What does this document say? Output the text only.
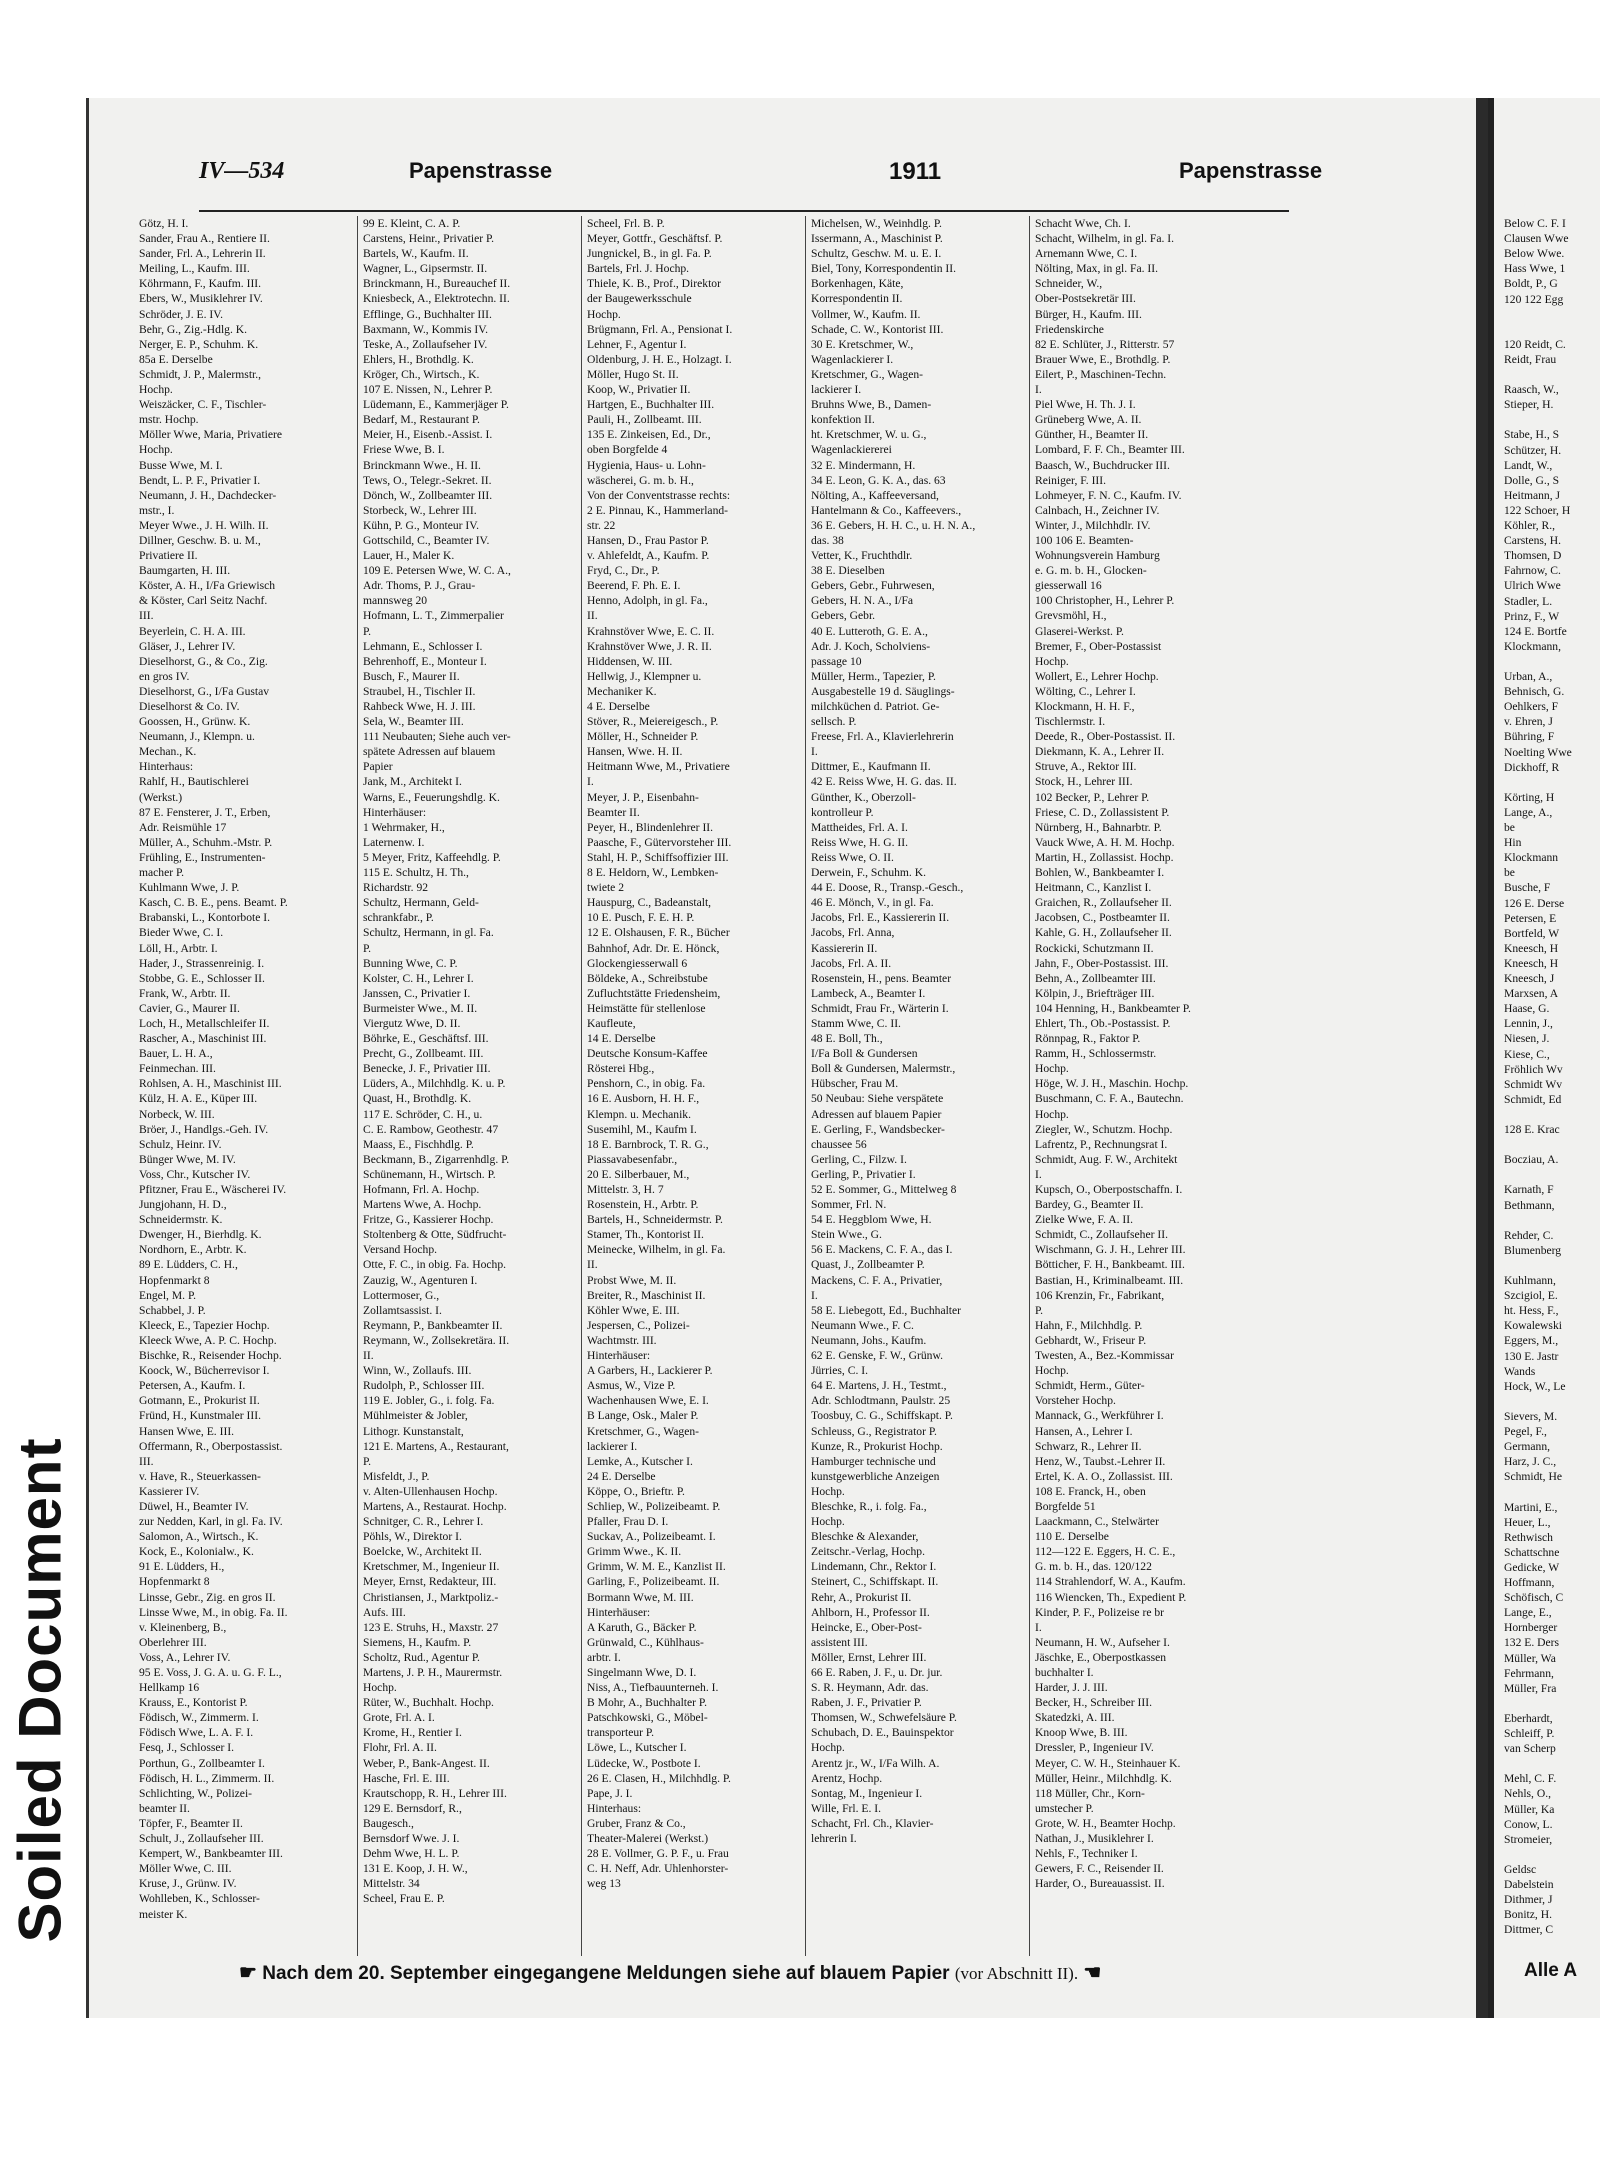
Soiled Document
IV—534	Papenstrasse	1911	Papenstrasse
Götz, H. I.
Sander, Frau A., Rentiere II.
Sander, Frl. A., Lehrerin II.
Meiling, L., Kaufm. III.
Köhrmann, F., Kaufm. III.
Ebers, W., Musiklehrer IV.
Schröder, J. E. IV.
Behr, G., Zig.-Hdlg. K.
Nerger, E. P., Schuhm. K.
85a E. Derselbe
Schmidt, J. P., Malermstr.,
Hochp.
Weiszäcker, C. F., Tischler-
mstr. Hochp.
Möller Wwe, Maria, Privatiere
Hochp.
Busse Wwe, M. I.
Bendt, L. P. F., Privatier I.
Neumann, J. H., Dachdecker-
mstr., I.
Meyer Wwe., J. H. Wilh. II.
Dillner, Geschw. B. u. M.,
Privatiere II.
Baumgarten, H. III.
Köster, A. H., I/Fa Griewisch
& Köster, Carl Seitz Nachf.
III.
Beyerlein, C. H. A. III.
Gläser, J., Lehrer IV.
Dieselhorst, G., & Co., Zig.
en gros IV.
Dieselhorst, G., I/Fa Gustav
Dieselhorst & Co. IV.
Goossen, H., Grünw. K.
Neumann, J., Klempn. u.
Mechan., K.
Hinterhaus:
Rahlf, H., Bautischlerei
(Werkst.)
87 E. Fensterer, J. T., Erben,
Adr. Reismühle 17
Müller, A., Schuhm.-Mstr. P.
Frühling, E., Instrumenten-
macher P.
Kuhlmann Wwe, J. P.
Kasch, C. B. E., pens. Beamt. P.
Brabanski, L., Kontorbote I.
Bieder Wwe, C. I.
Löll, H., Arbtr. I.
Hader, J., Strassenreinig. I.
Stobbe, G. E., Schlosser II.
Frank, W., Arbtr. II.
Cavier, G., Maurer II.
Loch, H., Metallschleifer II.
Rascher, A., Maschinist III.
Bauer, L. H. A.,
Feinmechan. III.
Rohlsen, A. H., Maschinist III.
Külz, H. A. E., Küper III.
Norbeck, W. III.
Bröer, J., Handlgs.-Geh. IV.
Schulz, Heinr. IV.
Bünger Wwe, M. IV.
Voss, Chr., Kutscher IV.
Pfitzner, Frau E., Wäscherei IV.
Jungjohann, H. D.,
Schneidermstr. K.
Dwenger, H., Bierhdlg. K.
Nordhorn, E., Arbtr. K.
89 E. Lüdders, C. H.,
Hopfenmarkt 8
Engel, M. P.
Schabbel, J. P.
Kleeck, E., Tapezier Hochp.
Kleeck Wwe, A. P. C. Hochp.
Bischke, R., Reisender Hochp.
Koock, W., Bücherrevisor I.
Petersen, A., Kaufm. I.
Gotmann, E., Prokurist II.
Fründ, H., Kunstmaler III.
Hansen Wwe, E. III.
Offermann, R., Oberpostassist.
III.
v. Have, R., Steuerkassen-
Kassierer IV.
Düwel, H., Beamter IV.
zur Nedden, Karl, in gl. Fa. IV.
Salomon, A., Wirtsch., K.
Kock, E., Kolonialw., K.
91 E. Lüdders, H.,
Hopfenmarkt 8
Linsse, Gebr., Zig. en gros II.
Linsse Wwe, M., in obig. Fa. II.
v. Kleinenberg, B.,
Oberlehrer III.
Voss, A., Lehrer IV.
95 E. Voss, J. G. A. u. G. F. L.,
Hellkamp 16
Krauss, E., Kontorist P.
Födisch, W., Zimmerm. I.
Födisch Wwe, L. A. F. I.
Fesq, J., Schlosser I.
Porthun, G., Zollbeamter I.
Födisch, H. L., Zimmerm. II.
Schlichting, W., Polizei-
beamter II.
Töpfer, F., Beamter II.
Schult, J., Zollaufseher III.
Kempert, W., Bankbeamter III.
Möller Wwe, C. III.
Kruse, J., Grünw. IV.
Wohlleben, K., Schlosser-
meister K.
99 E. Kleint, C. A. P.
Carstens, Heinr., Privatier P.
Bartels, W., Kaufm. II.
Wagner, L., Gipsermstr. II.
Brinckmann, H., Bureauchef II.
Kniesbeck, A., Elektrotechn. II.
Efflinge, G., Buchhalter III.
Baxmann, W., Kommis IV.
Teske, A., Zollaufseher IV.
Ehlers, H., Brothdlg. K.
Kröger, Ch., Wirtsch., K.
107 E. Nissen, N., Lehrer P.
Lüdemann, E., Kammerjäger P.
Bedarf, M., Restaurant P.
Meier, H., Eisenb.-Assist. I.
Friese Wwe, B. I.
Brinckmann Wwe., H. II.
Tews, O., Telegr.-Sekret. II.
Dönch, W., Zollbeamter III.
Storbeck, W., Lehrer III.
Kühn, P. G., Monteur IV.
Gottschild, C., Beamter IV.
Lauer, H., Maler K.
109 E. Petersen Wwe, W. C. A.,
Adr. Thoms, P. J., Grau-
mannsweg 20
Hofmann, L. T., Zimmerpalier
P.
Lehmann, E., Schlosser I.
Behrenhoff, E., Monteur I.
Busch, F., Maurer II.
Straubel, H., Tischler II.
Rahbeck Wwe, H. J. III.
Sela, W., Beamter III.
111 Neubauten; Siehe auch ver-
spätete Adressen auf blauem
Papier
Jank, M., Architekt I.
Warns, E., Feuerungshdlg. K.
Hinterhäuser:
1 Wehrmaker, H.,
Laternenw. I.
5 Meyer, Fritz, Kaffeehdlg. P.
115 E. Schultz, H. Th.,
Richardstr. 92
Schultz, Hermann, Geld-
schrankfabr., P.
Schultz, Hermann, in gl. Fa.
P.
Bunning Wwe, C. P.
Kolster, C. H., Lehrer I.
Janssen, C., Privatier I.
Burmeister Wwe., M. II.
Viergutz Wwe, D. II.
Böhrke, E., Geschäftsf. III.
Precht, G., Zollbeamt. III.
Benecke, J. F., Privatier III.
Lüders, A., Milchhdlg. K. u. P.
Quast, H., Brothdlg. K.
117 E. Schröder, C. H., u.
C. E. Rambow, Geothestr. 47
Maass, E., Fischhdlg. P.
Beckmann, B., Zigarrenhdlg. P.
Schünemann, H., Wirtsch. P.
Hofmann, Frl. A. Hochp.
Martens Wwe, A. Hochp.
Fritze, G., Kassierer Hochp.
Stoltenberg & Otte, Südfrucht-
Versand Hochp.
Otte, F. C., in obig. Fa. Hochp.
Zauzig, W., Agenturen I.
Lottermoser, G.,
Zollamtsassist. I.
Reymann, P., Bankbeamter II.
Reymann, W., Zollsekretära. II.
II.
Winn, W., Zollaufs. III.
Rudolph, P., Schlosser III.
119 E. Jobler, G., i. folg. Fa.
Mühlmeister & Jobler,
Lithogr. Kunstanstalt,
121 E. Martens, A., Restaurant,
P.
Misfeldt, J., P.
v. Alten-Ullenhausen Hochp.
Martens, A., Restaurat. Hochp.
Schnitger, C. R., Lehrer I.
Pöhls, W., Direktor I.
Boelcke, W., Architekt II.
Kretschmer, M., Ingenieur II.
Meyer, Ernst, Redakteur, III.
Christiansen, J., Marktpoliz.-
Aufs. III.
123 E. Struhs, H., Maxstr. 27
Siemens, H., Kaufm. P.
Scholtz, Rud., Agentur P.
Martens, J. P. H., Maurermstr.
Hochp.
Rüter, W., Buchhalt. Hochp.
Grote, Frl. A. I.
Krome, H., Rentier I.
Flohr, Frl. A. II.
Weber, P., Bank-Angest. II.
Hasche, Frl. E. III.
Krautschopp, R. H., Lehrer III.
129 E. Bernsdorf, R.,
Baugesch.,
Bernsdorf Wwe. J. I.
Dehm Wwe, H. L. P.
131 E. Koop, J. H. W.,
Mittelstr. 34
Scheel, Frau E. P.
Scheel, Frl. B. P.
Meyer, Gottfr., Geschäftsf. P.
Jungnickel, B., in gl. Fa. P.
Bartels, Frl. J. Hochp.
Thiele, K. B., Prof., Direktor
der Baugewerksschule
Hochp.
Brügmann, Frl. A., Pensionat I.
Lehner, F., Agentur I.
Oldenburg, J. H. E., Holzagt. I.
Möller, Hugo St. II.
Koop, W., Privatier II.
Hartgen, E., Buchhalter III.
Pauli, H., Zollbeamt. III.
135 E. Zinkeisen, Ed., Dr.,
oben Borgfelde 4
Hygienia, Haus- u. Lohn-
wäscherei, G. m. b. H.,
Von der Conventstrasse rechts:
2 E. Pinnau, K., Hammerland-
str. 22
Hansen, D., Frau Pastor P.
v. Ahlefeldt, A., Kaufm. P.
Fryd, C., Dr., P.
Beerend, F. Ph. E. I.
Henno, Adolph, in gl. Fa.,
II.
Krahnstöver Wwe, E. C. II.
Krahnstöver Wwe, J. R. II.
Hiddensen, W. III.
Hellwig, J., Klempner u.
Mechaniker K.
4 E. Derselbe
Stöver, R., Meiereigesch., P.
Möller, H., Schneider P.
Hansen, Wwe. H. II.
Heitmann Wwe, M., Privatiere
I.
Meyer, J. P., Eisenbahn-
Beamter II.
Peyer, H., Blindenlehrer II.
Paasche, F., Gütervorsteher III.
Stahl, H. P., Schiffsoffizier III.
8 E. Heldorn, W., Lembken-
twiete 2
Hauspurg, C., Badeanstalt,
10 E. Pusch, F. E. H. P.
12 E. Olshausen, F. R., Bücher
Bahnhof, Adr. Dr. E. Hönck,
Glockengiesserwall 6
Böldeke, A., Schreibstube
Zufluchtstätte Friedensheim,
Heimstätte für stellenlose
Kaufleute,
14 E. Derselbe
Deutsche Konsum-Kaffee
Rösterei Hbg.,
Penshorn, C., in obig. Fa.
16 E. Ausborn, H. H. F.,
Klempn. u. Mechanik.
Susemihl, M., Kaufm I.
18 E. Barnbrock, T. R. G.,
Piassavabesenfabr.,
20 E. Silberbauer, M.,
Mittelstr. 3, H. 7
Rosenstein, H., Arbtr. P.
Bartels, H., Schneidermstr. P.
Stamer, Th., Kontorist II.
Meinecke, Wilhelm, in gl. Fa.
II.
Probst Wwe, M. II.
Breiter, R., Maschinist II.
Köhler Wwe, E. III.
Jespersen, C., Polizei-
Wachtmstr. III.
Hinterhäuser:
A Garbers, H., Lackierer P.
Asmus, W., Vize P.
Wachenhausen Wwe, E. I.
B Lange, Osk., Maler P.
Kretschmer, G., Wagen-
lackierer I.
Lemke, A., Kutscher I.
24 E. Derselbe
Köppe, O., Brieftr. P.
Schliep, W., Polizeibeamt. P.
Pfaller, Frau D. I.
Suckav, A., Polizeibeamt. I.
Grimm Wwe., K. II.
Grimm, W. M. E., Kanzlist II.
Garling, F., Polizeibeamt. II.
Bormann Wwe, M. III.
Hinterhäuser:
A Karuth, G., Bäcker P.
Grünwald, C., Kühlhaus-
arbtr. I.
Singelmann Wwe, D. I.
Niss, A., Tiefbauunterneh. I.
B Mohr, A., Buchhalter P.
Patschkowski, G., Möbel-
transporteur P.
Löwe, L., Kutscher I.
Lüdecke, W., Postbote I.
26 E. Clasen, H., Milchhdlg. P.
Pape, J. I.
Hinterhaus:
Gruber, Franz & Co.,
Theater-Malerei (Werkst.)
28 E. Vollmer, G. P. F., u. Frau
C. H. Neff, Adr. Uhlenhorster-
weg 13
Michelsen, W., Weinhdlg. P.
Issermann, A., Maschinist P.
Schultz, Geschw. M. u. E. I.
Biel, Tony, Korrespondentin II.
Borkenhagen, Käte,
Korrespondentin II.
Vollmer, W., Kaufm. II.
Schade, C. W., Kontorist III.
30 E. Kretschmer, W.,
Wagenlackierer I.
Kretschmer, G., Wagen-
lackierer I.
Bruhns Wwe, B., Damen-
konfektion II.
ht. Kretschmer, W. u. G.,
Wagenlackiererei
32 E. Mindermann, H.
34 E. Leon, G. K. A., das. 63
Nölting, A., Kaffeeversand,
Hantelmann & Co., Kaffeevers.,
36 E. Gebers, H. H. C., u. H. N. A.,
das. 38
Vetter, K., Fruchthdlr.
38 E. Dieselben
Gebers, Gebr., Fuhrwesen,
Gebers, H. N. A., I/Fa
Gebers, Gebr.
40 E. Lutteroth, G. E. A.,
Adr. J. Koch, Scholviens-
passage 10
Müller, Herm., Tapezier, P.
Ausgabestelle 19 d. Säuglings-
milchküchen d. Patriot. Ge-
sellsch. P.
Freese, Frl. A., Klavierlehrerin
I.
Dittmer, E., Kaufmann II.
42 E. Reiss Wwe, H. G. das. II.
Günther, K., Oberzoll-
kontrolleur P.
Mattheides, Frl. A. I.
Reiss Wwe, H. G. II.
Reiss Wwe, O. II.
Derwein, F., Schuhm. K.
44 E. Doose, R., Transp.-Gesch.,
46 E. Mönch, V., in gl. Fa.
Jacobs, Frl. E., Kassiererin II.
Jacobs, Frl. Anna,
Kassiererin II.
Jacobs, Frl. A. II.
Rosenstein, H., pens. Beamter
Lambeck, A., Beamter I.
Schmidt, Frau Fr., Wärterin I.
Stamm Wwe, C. II.
48 E. Boll, Th.,
I/Fa Boll & Gundersen
Boll & Gundersen, Malermstr.,
Hübscher, Frau M.
50 Neubau: Siehe verspätete
Adressen auf blauem Papier
E. Gerling, F., Wandsbecker-
chaussee 56
Gerling, C., Filzw. I.
Gerling, P., Privatier I.
52 E. Sommer, G., Mittelweg 8
Sommer, Frl. N.
54 E. Heggblom Wwe, H.
Stein Wwe., G.
56 E. Mackens, C. F. A., das I.
Quast, J., Zollbeamter P.
Mackens, C. F. A., Privatier,
I.
58 E. Liebegott, Ed., Buchhalter
Neumann Wwe., F. C.
Neumann, Johs., Kaufm.
62 E. Genske, F. W., Grünw.
Jürries, C. I.
64 E. Martens, J. H., Testmt.,
Adr. Schlodtmann, Paulstr. 25
Toosbuy, C. G., Schiffskapt. P.
Schleuss, G., Registrator P.
Kunze, R., Prokurist Hochp.
Hamburger technische und
kunstgewerbliche Anzeigen
Hochp.
Bleschke, R., i. folg. Fa.,
Hochp.
Bleschke & Alexander,
Zeitschr.-Verlag, Hochp.
Lindemann, Chr., Rektor I.
Steinert, C., Schiffskapt. II.
Rehr, A., Prokurist II.
Ahlborn, H., Professor II.
Heincke, E., Ober-Post-
assistent III.
Möller, Ernst, Lehrer III.
66 E. Raben, J. F., u. Dr. jur.
S. R. Heymann, Adr. das.
Raben, J. F., Privatier P.
Thomsen, W., Schwefelsäure P.
Schubach, D. E., Bauinspektor
Hochp.
Arentz jr., W., I/Fa Wilh. A.
Arentz, Hochp.
Sontag, M., Ingenieur I.
Wille, Frl. E. I.
Schacht, Frl. Ch., Klavier-
lehrerin I.
Schacht Wwe, Ch. I.
Schacht, Wilhelm, in gl. Fa. I.
Arnemann Wwe, C. I.
Nölting, Max, in gl. Fa. II.
Schneider, W.,
Ober-Postsekretär III.
Bürger, H., Kaufm. III.
Friedenskirche
82 E. Schlüter, J., Ritterstr. 57
Brauer Wwe, E., Brothdlg. P.
Eilert, P., Maschinen-Techn.
I.
Piel Wwe, H. Th. J. I.
Grüneberg Wwe, A. II.
Günther, H., Beamter II.
Lombard, F. F. Ch., Beamter III.
Baasch, W., Buchdrucker III.
Reiniger, F. III.
Lohmeyer, F. N. C., Kaufm. IV.
Calnbach, H., Zeichner IV.
Winter, J., Milchhdlr. IV.
100 106 E. Beamten-
Wohnungsverein Hamburg
e. G. m. b. H., Glocken-
giesserwall 16
100 Christopher, H., Lehrer P.
Grevsmöhl, H.,
Glaserei-Werkst. P.
Bremer, F., Ober-Postassist
Hochp.
Wollert, E., Lehrer Hochp.
Wölting, C., Lehrer I.
Klockmann, H. H. F.,
Tischlermstr. I.
Deede, R., Ober-Postassist. II.
Diekmann, K. A., Lehrer II.
Struve, A., Rektor III.
Stock, H., Lehrer III.
102 Becker, P., Lehrer P.
Friese, C. D., Zollassistent P.
Nürnberg, H., Bahnarbtr. P.
Vauck Wwe, A. H. M. Hochp.
Martin, H., Zollassist. Hochp.
Bohlen, W., Bankbeamter I.
Heitmann, C., Kanzlist I.
Graichen, R., Zollaufseher II.
Jacobsen, C., Postbeamter II.
Kahle, G. H., Zollaufseher II.
Rockicki, Schutzmann II.
Jahn, F., Ober-Postassist. III.
Behn, A., Zollbeamter III.
Kölpin, J., Briefträger III.
104 Henning, H., Bankbeamter P.
Ehlert, Th., Ob.-Postassist. P.
Rönnpag, R., Faktor P.
Ramm, H., Schlossermstr.
Hochp.
Höge, W. J. H., Maschin. Hochp.
Buschmann, C. F. A., Bautechn.
Hochp.
Ziegler, W., Schutzm. Hochp.
Lafrentz, P., Rechnungsrat I.
Schmidt, Aug. F. W., Architekt
I.
Kupsch, O., Oberpostschaffn. I.
Bardey, G., Beamter II.
Zielke Wwe, F. A. II.
Schmidt, C., Zollaufseher II.
Wischmann, G. J. H., Lehrer III.
Bötticher, F. H., Bankbeamt. III.
Bastian, H., Kriminalbeamt. III.
106 Krenzin, Fr., Fabrikant,
P.
Hahn, F., Milchhdlg. P.
Gebhardt, W., Friseur P.
Twesten, A., Bez.-Kommissar
Hochp.
Schmidt, Herm., Güter-
Vorsteher Hochp.
Mannack, G., Werkführer I.
Hansen, A., Lehrer I.
Schwarz, R., Lehrer II.
Henz, W., Taubst.-Lehrer II.
Ertel, K. A. O., Zollassist. III.
108 E. Franck, H., oben
Borgfelde 51
Laackmann, C., Stelwärter
110 E. Derselbe
112—122 E. Eggers, H. C. E.,
G. m. b. H., das. 120/122
114 Strahlendorf, W. A., Kaufm.
116 Wiencken, Th., Expedient P.
Kinder, P. F., Polizeise re br
I.
Neumann, H. W., Aufseher I.
Jäschke, E., Oberpostkassen
buchhalter I.
Harder, J. J. III.
Becker, H., Schreiber III.
Skatedzki, A. III.
Knoop Wwe, B. III.
Dressler, P., Ingenieur IV.
Meyer, C. W. H., Steinhauer K.
Müller, Heinr., Milchhdlg. K.
118 Müller, Chr., Korn-
umstecher P.
Grote, W. H., Beamter Hochp.
Nathan, J., Musiklehrer I.
Nehls, F., Techniker I.
Gewers, F. C., Reisender II.
Harder, O., Bureauassist. II.
☛ Nach dem 20. September eingegangene Meldungen siehe auf blauem Papier (vor Abschnitt II). ☚
Below C. F. I
Clausen Wwe
Below Wwe.
Hass Wwe, 1
Boldt, P., G
120 122 Egg
120 Reidt, C.
Reidt, Frau
Raasch, W.,
Stieper, H.
Stabe, H., S
Schützer, H.
Landt, W.,
Dolle, G., S
Heitmann, J
122 Schoer, H
Köhler, R.,
Carstens, H.
Thomsen, D
Fahrnow, C.
Ulrich Wwe
Stadler, L.
Prinz, F., W
124 E. Bortfe
Klockmann,
Urban, A.,
Behnisch, G.
Oehlkers, F
v. Ehren, J
Bühring, F
Noelting Wwe
Dickhoff, R
Körting, H
Lange, A.,
be
Hin
Klockmann
be
Busche, F
126 E. Derse
Petersen, E
Bortfeld, W
Kneesch, H
Kneesch, H
Kneesch, J
Marxsen, A
Haase, G.
Lennin, J.,
Niesen, J.
Kiese, C.,
Fröhlich Wv
Schmidt Wv
Schmidt, Ed
128 E. Krac
Bocziau, A.
Karnath, F
Bethmann,
Rehder, C.
Blumenberg
Kuhlmann,
Szcigiol, E.
ht. Hess, F.,
Kowalewski
Eggers, M.,
130 E. Jastr
Wands
Hock, W., Le
Sievers, M.
Pegel, F.,
Germann,
Harz, J. C.,
Schmidt, He
Martini, E.,
Heuer, L.,
Rethwisch
Schattschne
Gedicke, W
Hoffmann,
Schöfisch, C
Lange, E.,
Hornberger
132 E. Ders
Müller, Wa
Fehrmann,
Müller, Fra
Eberhardt,
Schleiff, P.
van Scherp
Mehl, C. F.
Nehls, O.,
Müller, Ka
Conow, L.
Stromeier,
Geldsc
Dabelstein
Dithmer, J
Bonitz, H.
Dittmer, C
Alle A
